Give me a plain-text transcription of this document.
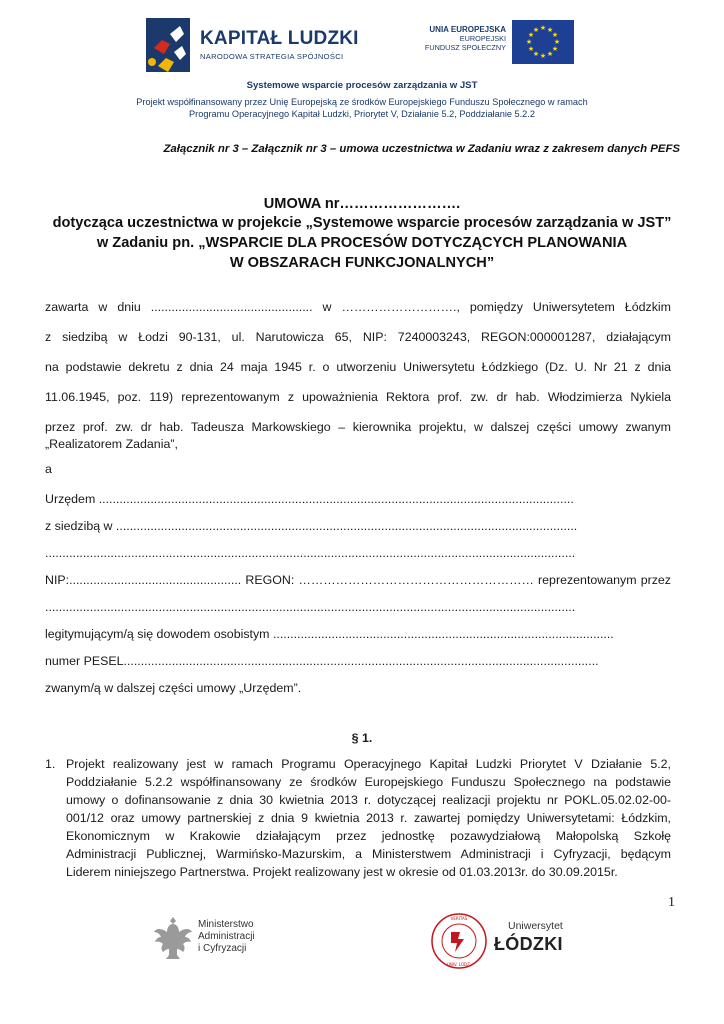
KAPITAŁ LUDZKI
NARODOWA STRATEGIA SPÓJNOŚCI
UNIA EUROPEJSKA
EUROPEJSKI
FUNDUSZ SPOŁECZNY
★ ★
★
★
★
★
★
★
★
★
★
★
Systemowe wsparcie procesów zarządzania w JST
Projekt współfinansowany przez Unię Europejską ze środków Europejskiego Funduszu Społecznego w ramach
Programu Operacyjnego Kapitał Ludzki, Priorytet V, Działanie 5.2, Poddziałanie 5.2.2
Załącznik nr 3 – Załącznik nr 3 – umowa uczestnictwa w Zadaniu wraz z zakresem danych PEFS
UMOWA nr…………………….
dotycząca uczestnictwa w projekcie „Systemowe wsparcie procesów zarządzania w JST”
w Zadaniu pn. „WSPARCIE DLA PROCESÓW DOTYCZĄCYCH PLANOWANIA
W OBSZARACH FUNKCJONALNYCH”
zawarta w dniu ............................................... w ………………………., pomiędzy Uniwersytetem Łódzkim
z siedzibą w Łodzi 90-131, ul. Narutowicza 65, NIP: 7240003243, REGON:000001287, działającym
na podstawie dekretu z dnia 24 maja 1945 r. o utworzeniu Uniwersytetu Łódzkiego (Dz. U. Nr 21 z dnia
11.06.1945, poz. 119) reprezentowanym z upoważnienia Rektora prof. zw. dr hab. Włodzimierza Nykiela
przez prof. zw. dr hab. Tadeusza Markowskiego – kierownika projektu, w dalszej części umowy zwanym
„Realizatorem Zadania”,
a
Urzędem ..........................................................................................................................................
z siedzibą w ......................................................................................................................................
..........................................................................................................................................................
NIP:.................................................. REGON: ………………………………………………… reprezentowanym przez
..........................................................................................................................................................
legitymującym/ą się dowodem osobistym ...................................................................................................
numer PESEL..........................................................................................................................................
zwanym/ą w dalszej części umowy „Urzędem”.
§ 1.
1. Projekt realizowany jest w ramach Programu Operacyjnego Kapitał Ludzki Priorytet V Działanie 5.2,
Poddziałanie 5.2.2 współfinansowany ze środków Europejskiego Funduszu Społecznego na podstawie
umowy o dofinansowanie z dnia 30 kwietnia 2013 r. dotyczącej realizacji projektu nr POKL.05.02.02-00-
001/12 oraz umowy partnerskiej z dnia 9 kwietnia 2013 r. zawartej pomiędzy Uniwersytetami: Łódzkim,
Ekonomicznym w Krakowie działającym przez jednostkę pozawydziałową Małopolską Szkołę
Administracji Publicznej, Warmińsko-Mazurskim, a Ministerstwem Administracji i Cyfryzacji, będącym
Liderem niniejszego Partnerstwa. Projekt realizowany jest w okresie od 01.03.2013r. do 30.09.2015r.
1
Ministerstwo
Administracji
i Cyfryzacji
VERITAS
UNIV. LODZ.
Uniwersytet
ŁÓDZKI
